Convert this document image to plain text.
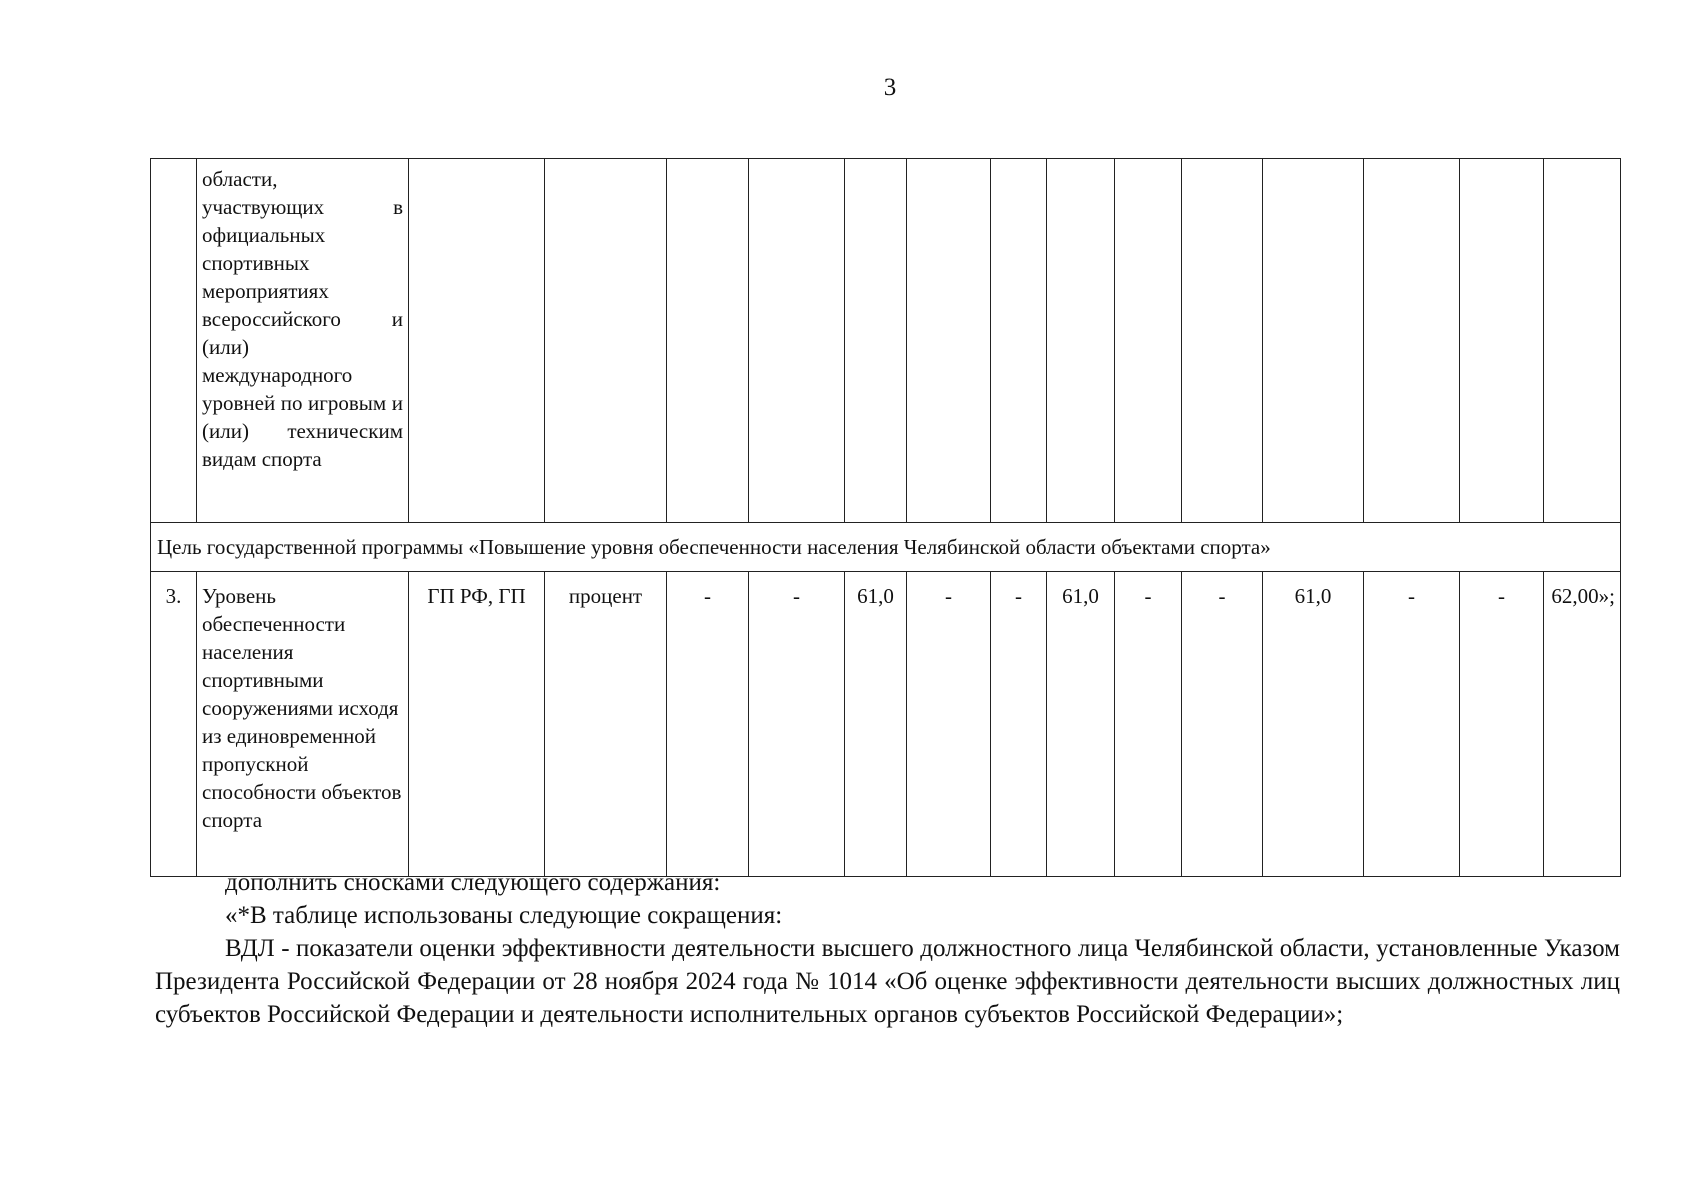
3
	области, участвующих в официальных спортивных мероприятиях всероссийского и (или) международного уровней по игровым и (или) техническим видам спорта														
Цель государственной программы «Повышение уровня обеспеченности населения Челябинской области объектами спорта»															
3.	Уровень обеспеченности населения спортивными сооружениями исходя из единовременной пропускной способности объектов спорта	ГП РФ, ГП	процент	-	-	61,0	-	-	61,0	-	-	61,0	-	-	62,00»;
дополнить сносками следующего содержания:
«*В таблице использованы следующие сокращения:
ВДЛ - показатели оценки эффективности деятельности высшего должностного лица Челябинской области, установленные Указом Президента Российской Федерации от 28 ноября 2024 года № 1014 «Об оценке эффективности деятельности высших должностных лиц субъектов Российской Федерации и деятельности исполнительных органов субъектов Российской Федерации»;
